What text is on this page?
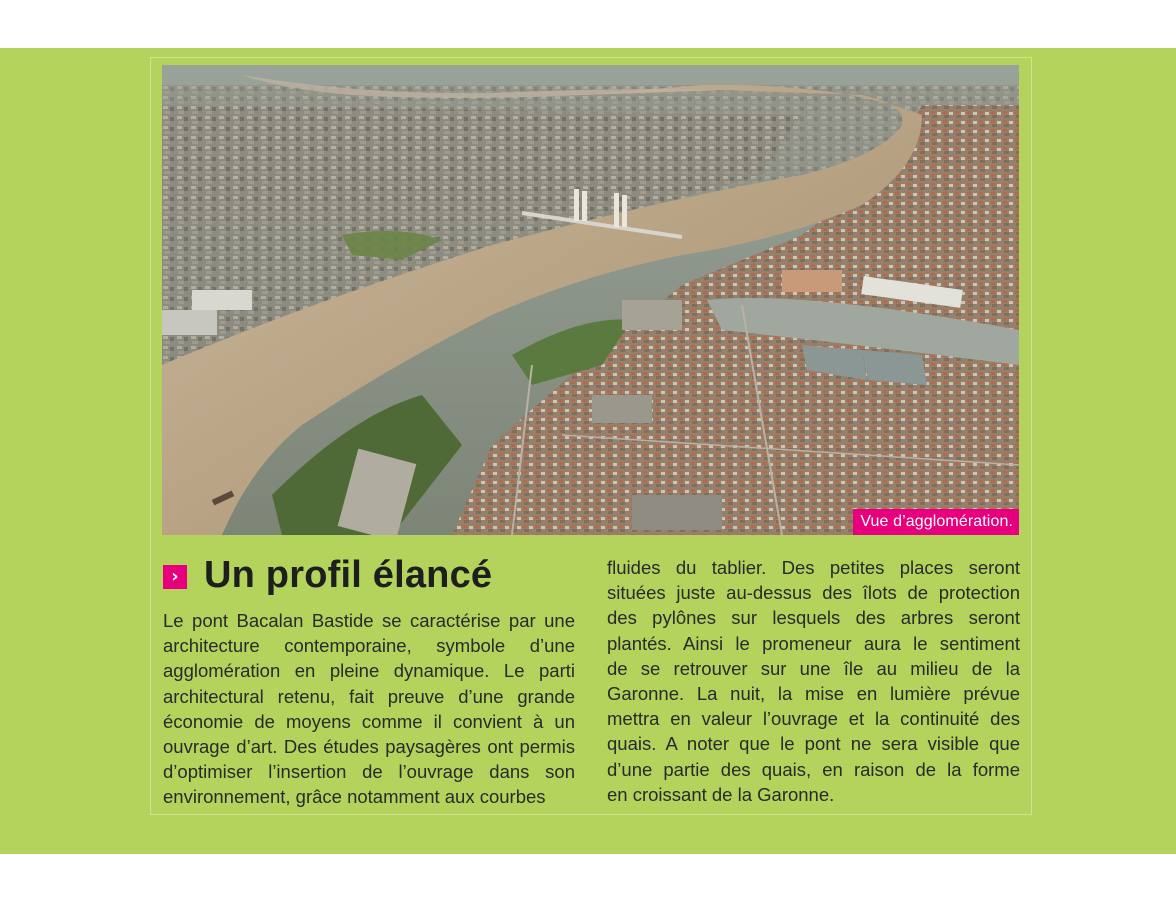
Vue d’agglomération.
› Un profil élancé
Le pont Bacalan Bastide se caractérise par une
architecture contemporaine, symbole d’une
agglomération en pleine dynamique. Le parti
architectural retenu, fait preuve d’une grande
économie de moyens comme il convient à un
ouvrage d’art. Des études paysagères ont permis
d’optimiser l’insertion de l’ouvrage dans son
environnement, grâce notamment aux courbes
fluides du tablier. Des petites places seront
situées juste au-dessus des îlots de protection
des pylônes sur lesquels des arbres seront
plantés. Ainsi le promeneur aura le sentiment
de se retrouver sur une île au milieu de la
Garonne. La nuit, la mise en lumière prévue
mettra en valeur l’ouvrage et la continuité des
quais. A noter que le pont ne sera visible que
d’une partie des quais, en raison de la forme
en croissant de la Garonne.
